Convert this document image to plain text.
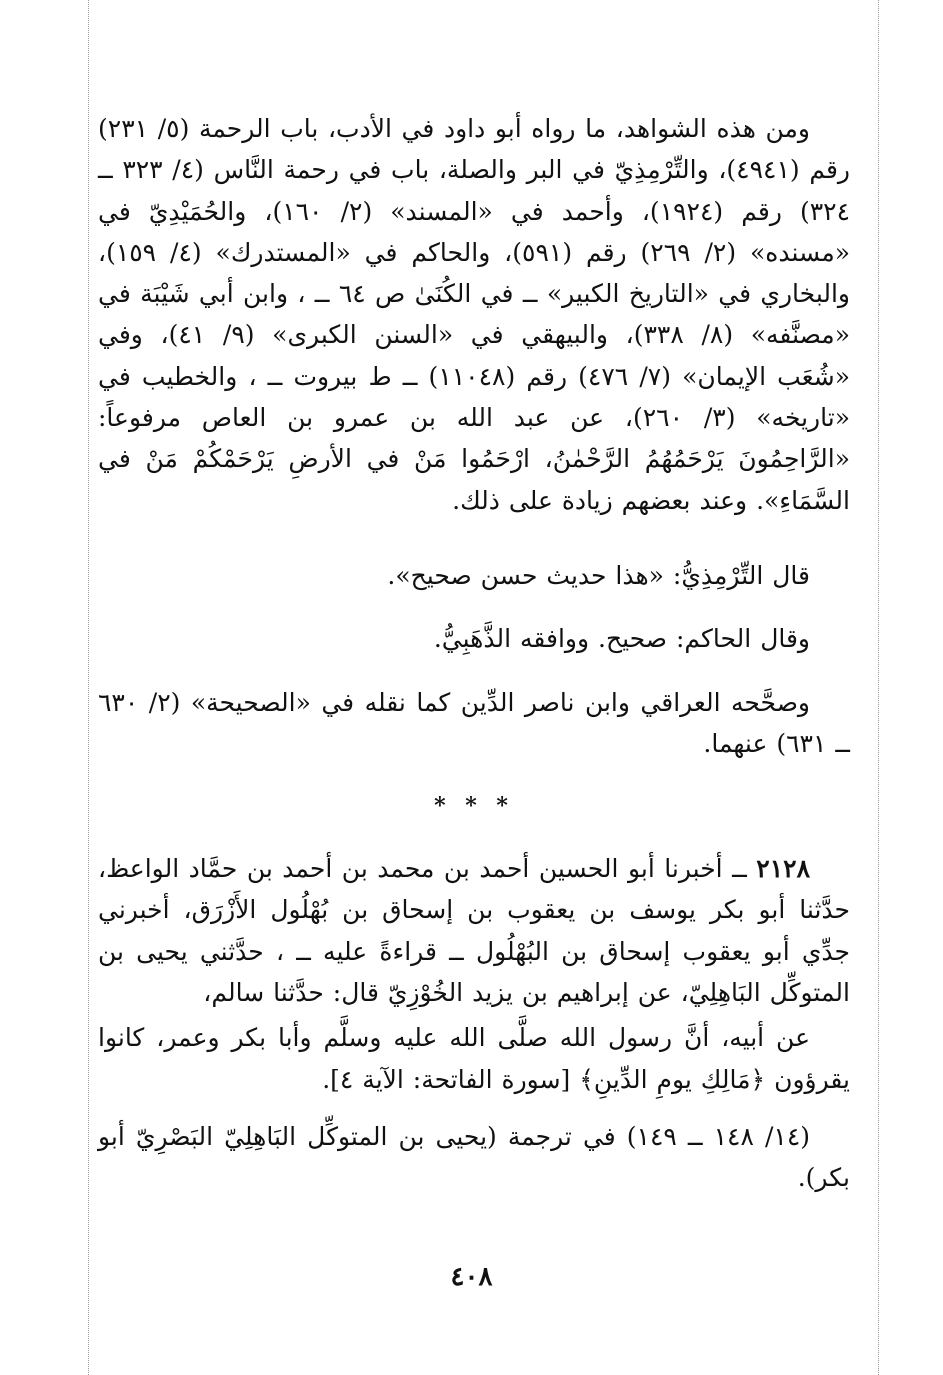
ومن هذه الشواهد، ما رواه أبو داود في الأدب، باب الرحمة (٥/ ٢٣١) رقم (٤٩٤١)، والتِّرْمِذِيّ في البر والصلة، باب في رحمة النَّاس (٤/ ٣٢٣ ــ ٣٢٤) رقم (١٩٢٤)، وأحمد في «المسند» (٢/ ١٦٠)، والحُمَيْدِيّ في «مسنده» (٢/ ٢٦٩) رقم (٥٩١)، والحاكم في «المستدرك» (٤/ ١٥٩)، والبخاري في «التاريخ الكبير» ــ في الكُنَىٰ ص ٦٤ ــ ، وابن أبي شَيْبَة في «مصنَّفه» (٨/ ٣٣٨)، والبيهقي في «السنن الكبرى» (٩/ ٤١)، وفي «شُعَب الإيمان» (٧/ ٤٧٦) رقم (١١٠٤٨) ــ ط بيروت ــ ، والخطيب في «تاريخه» (٣/ ٢٦٠)، عن عبد الله بن عمرو بن العاص مرفوعاً: «الرَّاحِمُونَ يَرْحَمُهُمُ الرَّحْمٰنُ، ارْحَمُوا مَنْ في الأرضِ يَرْحَمْكُمْ مَنْ في السَّمَاءِ». وعند بعضهم زيادة على ذلك.

قال التِّرْمِذِيُّ: «هذا حديث حسن صحيح».

وقال الحاكم: صحيح. ووافقه الذَّهَبِيُّ.

وصحَّحه العراقي وابن ناصر الدِّين كما نقله في «الصحيحة» (٢/ ٦٣٠ ــ ٦٣١) عنهما.

* * *

٢١٢٨ ــ أخبرنا أبو الحسين أحمد بن محمد بن أحمد بن حمَّاد الواعظ، حدَّثنا أبو بكر يوسف بن يعقوب بن إسحاق بن بُهْلُول الأَزْرَق، أخبرني جدِّي أبو يعقوب إسحاق بن البُهْلُول ــ قراءةً عليه ــ ، حدَّثني يحيى بن المتوكِّل البَاهِلِيّ، عن إبراهيم بن يزيد الخُوْزِيّ قال: حدَّثنا سالم،

عن أبيه، أنَّ رسول الله صلَّى الله عليه وسلَّم وأبا بكر وعمر، كانوا يقرؤون ﴿مَالِكِ يومِ الدِّينِ﴾ [سورة الفاتحة: الآية ٤].

(١٤/ ١٤٨ ــ ١٤٩) في ترجمة (يحيى بن المتوكِّل البَاهِلِيّ البَصْرِيّ أبو بكر).

٤٠٨
